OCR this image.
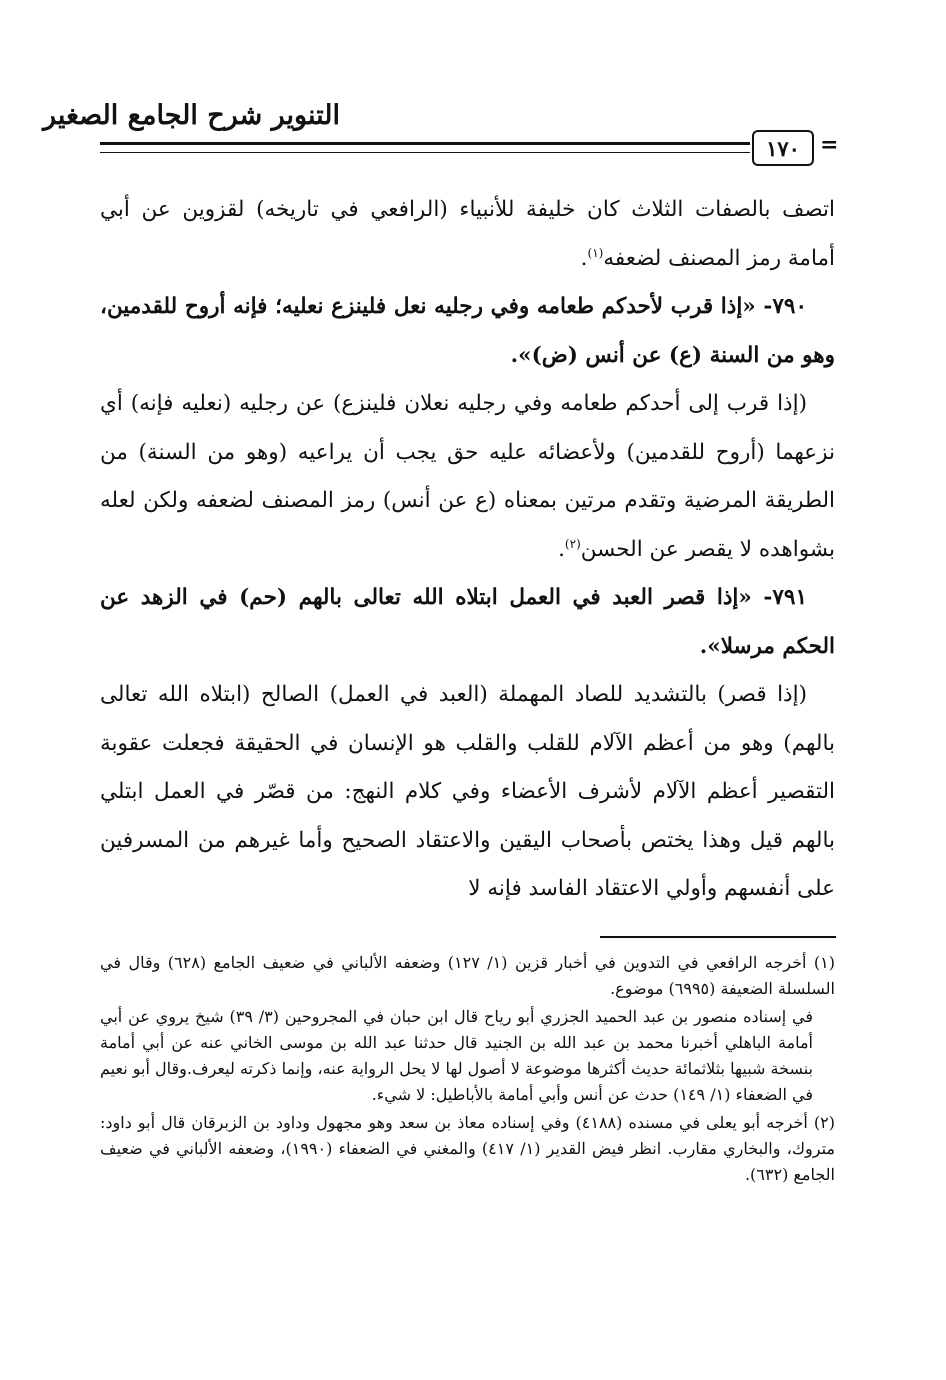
التنوير شرح الجامع الصغير
١٧٠ =

اتصف بالصفات الثلاث كان خليفة للأنبياء (الرافعي في تاريخه) لقزوين عن أبي أمامة رمز المصنف لضعفه$^{(١)}$.

٧٩٠- «إذا قرب لأحدكم طعامه وفي رجليه نعل فلينزع نعليه؛ فإنه أروح للقدمين، وهو من السنة (ع) عن أنس (ض)».

(إذا قرب إلى أحدكم طعامه وفي رجليه نعلان فلينزع) عن رجليه (نعليه فإنه) أي نزعهما (أروح للقدمين) ولأعضائه عليه حق يجب أن يراعيه (وهو من السنة) من الطريقة المرضية وتقدم مرتين بمعناه (ع عن أنس) رمز المصنف لضعفه ولكن لعله بشواهده لا يقصر عن الحسن$^{(٢)}$.

٧٩١- «إذا قصر العبد في العمل ابتلاه الله تعالى بالهم (حم) في الزهد عن الحكم مرسلا».

(إذا قصر) بالتشديد للصاد المهملة (العبد في العمل) الصالح (ابتلاه الله تعالى بالهم) وهو من أعظم الآلام للقلب والقلب هو الإنسان في الحقيقة فجعلت عقوبة التقصير أعظم الآلام لأشرف الأعضاء وفي كلام النهج: من قصّر في العمل ابتلي بالهم قيل وهذا يختص بأصحاب اليقين والاعتقاد الصحيح وأما غيرهم من المسرفين على أنفسهم وأولي الاعتقاد الفاسد فإنه لا

(١) أخرجه الرافعي في التدوين في أخبار قزين (١/ ١٢٧) وضعفه الألباني في ضعيف الجامع (٦٢٨) وقال في السلسلة الضعيفة (٦٩٩٥) موضوع.

في إسناده منصور بن عبد الحميد الجزري أبو رياح قال ابن حبان في المجروحين (٣/ ٣٩) شيخ يروي عن أبي أمامة الباهلي أخبرنا محمد بن عبد الله بن الجنيد قال حدثنا عبد الله بن موسى الخاني عنه عن أبي أمامة بنسخة شبيها بثلاثمائة حديث أكثرها موضوعة لا أصول لها لا يحل الرواية عنه، وإنما ذكرته ليعرف.وقال أبو نعيم في الضعفاء (١/ ١٤٩) حدث عن أنس وأبي أمامة بالأباطيل: لا شيء.

(٢) أخرجه أبو يعلى في مسنده (٤١٨٨) وفي إسناده معاذ بن سعد وهو مجهول وداود بن الزبرقان قال أبو داود: متروك، والبخاري مقارب. انظر فيض القدير (١/ ٤١٧) والمغني في الضعفاء (١٩٩٠)، وضعفه الألباني في ضعيف الجامع (٦٣٢).
